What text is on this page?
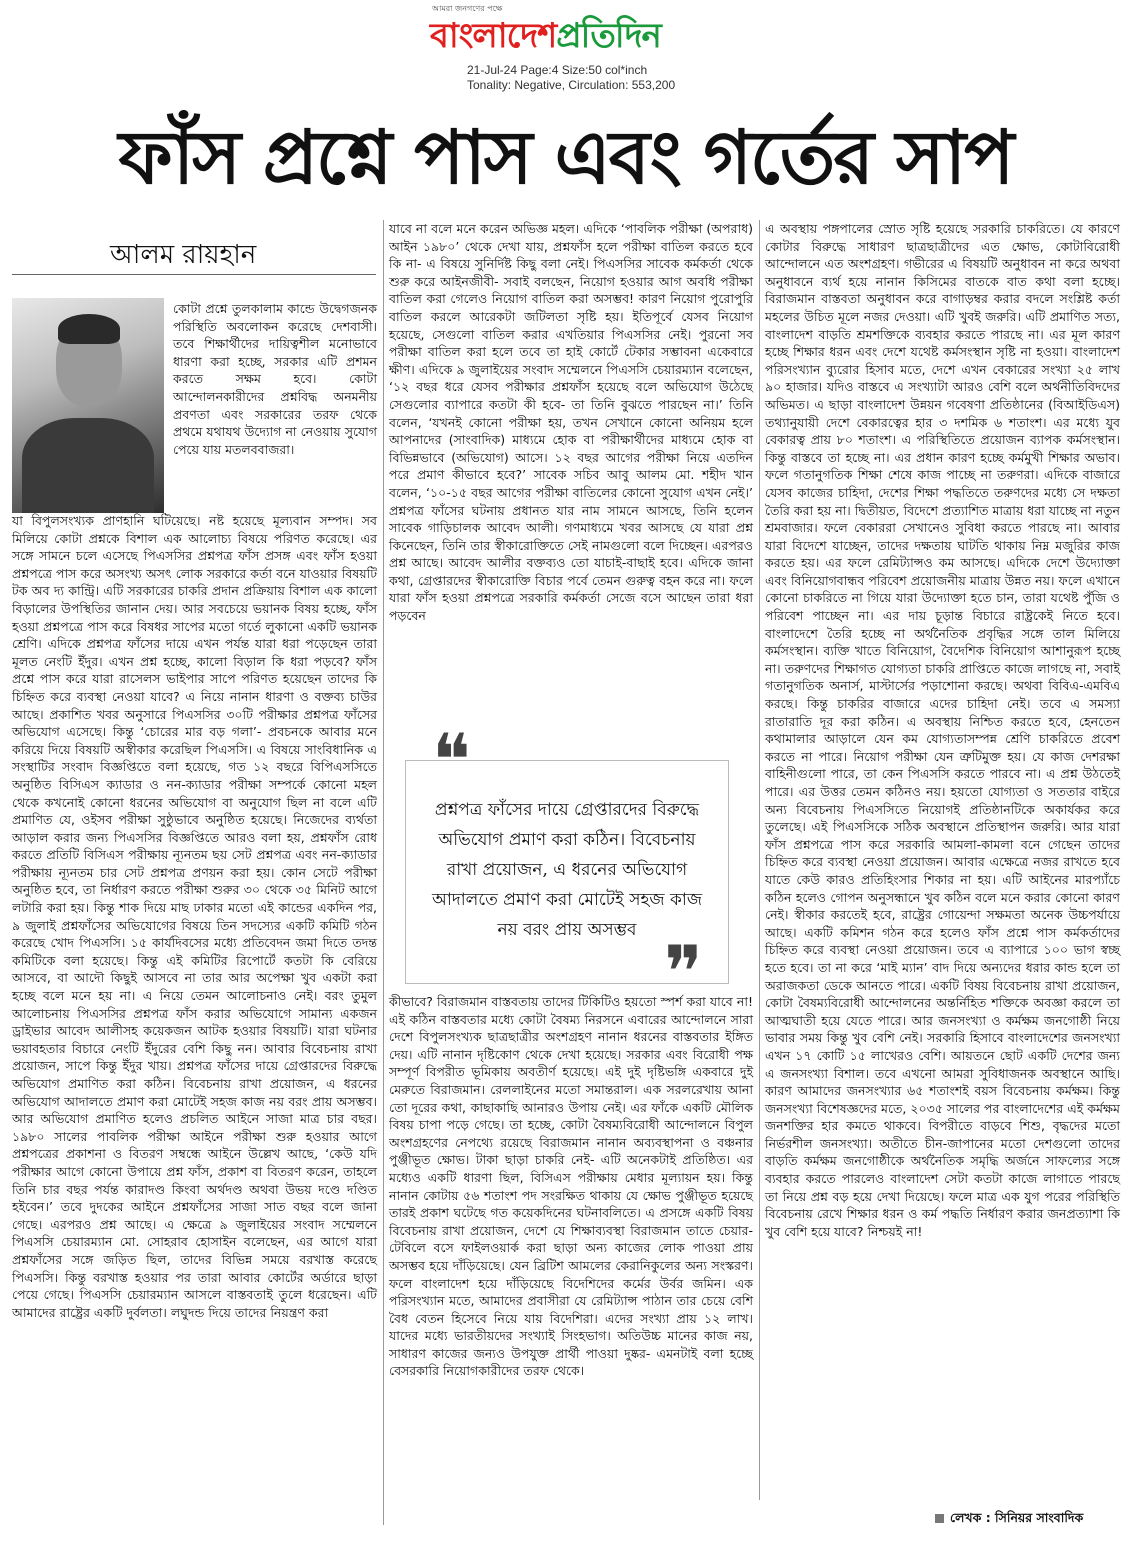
আমরা জনগণের পক্ষে
বাংলাদেশপ্রতিদিন
21-Jul-24 Page:4 Size:50 col*inch
Tonality: Negative, Circulation: 553,200
ফাঁস প্রশ্নে পাস এবং গর্তের সাপ
আলম রায়হান

কোটা প্রশ্নে তুলকালাম কান্ডে উদ্বেগজনক পরিস্থিতি অবলোকন করেছে দেশবাসী। তবে শিক্ষার্থীদের দায়িত্বশীল মনোভাবে ধারণা করা হচ্ছে, সরকার এটি প্রশমন করতে সক্ষম হবে। কোটা আন্দোলনকারীদের প্রশ্নবিদ্ধ অনমনীয় প্রবণতা এবং সরকারের তরফ থেকে প্রথমে যথাযথ উদ্যোগ না নেওয়ায় সুযোগ পেয়ে যায় মতলববাজরা।

যা বিপুলসংখ্যক প্রাণহানি ঘটিয়েছে। নষ্ট হয়েছে মূল্যবান সম্পদ। সব মিলিয়ে কোটা প্রশ্নকে বিশাল এক আলোচ্য বিষয়ে পরিণত করেছে। এর সঙ্গে সামনে চলে এসেছে পিএসসির প্রশ্নপত্র ফাঁস প্রসঙ্গ এবং ফাঁস হওয়া প্রশ্নপত্রে পাস করে অসংখ্য অসৎ লোক সরকারে কর্তা বনে যাওয়ার বিষয়টি টক অব দ্য কান্ট্রি। এটি সরকারের চাকরি প্রদান প্রক্রিয়ায় বিশাল এক কালো বিড়ালের উপস্থিতির জানান দেয়। আর সবচেয়ে ভয়ানক বিষয় হচ্ছে, ফাঁস হওয়া প্রশ্নপত্রে পাস করে বিষধর সাপের মতো গর্তে লুকানো একটি ভয়ানক শ্রেণি। এদিকে প্রশ্নপত্র ফাঁসের দায়ে এখন পর্যন্ত যারা ধরা পড়েছেন তারা মূলত নেংটি ইঁদুর। এখন প্রশ্ন হচ্ছে, কালো বিড়াল কি ধরা পড়বে? ফাঁস প্রশ্নে পাস করে যারা রাসেলস ভাইপার সাপে পরিণত হয়েছেন তাদের কি চিহ্নিত করে ব্যবস্থা নেওয়া যাবে? এ নিয়ে নানান ধারণা ও বক্তব্য চাউর আছে। প্রকাশিত খবর অনুসারে পিএসসির ৩০টি পরীক্ষার প্রশ্নপত্র ফাঁসের অভিযোগ এসেছে। কিন্তু ‘চোরের মার বড় গলা’- প্রবচনকে আবার মনে করিয়ে দিয়ে বিষয়টি অস্বীকার করেছিল পিএসসি। এ বিষয়ে সাংবিধানিক এ সংস্থাটির সংবাদ বিজ্ঞপ্তিতে বলা হয়েছে, গত ১২ বছরে বিপিএসসিতে অনুষ্ঠিত বিসিএস ক্যাডার ও নন-ক্যাডার পরীক্ষা সম্পর্কে কোনো মহল থেকে কখনোই কোনো ধরনের অভিযোগ বা অনুযোগ ছিল না বলে এটি প্রমাণিত যে, ওইসব পরীক্ষা সুষ্ঠুভাবে অনুষ্ঠিত হয়েছে। নিজেদের ব্যর্থতা আড়াল করার জন্য পিএসসির বিজ্ঞপ্তিতে আরও বলা হয়, প্রশ্নফাঁস রোধ করতে প্রতিটি বিসিএস পরীক্ষায় ন্যূনতম ছয় সেট প্রশ্নপত্র এবং নন-ক্যাডার পরীক্ষায় ন্যূনতম চার সেট প্রশ্নপত্র প্রণয়ন করা হয়। কোন সেটে পরীক্ষা অনুষ্ঠিত হবে, তা নির্ধারণ করতে পরীক্ষা শুরুর ৩০ থেকে ৩৫ মিনিট আগে লটারি করা হয়। কিন্তু শাক দিয়ে মাছ ঢাকার মতো এই কান্ডের একদিন পর, ৯ জুলাই প্রশ্নফাঁসের অভিযোগের বিষয়ে তিন সদস্যের একটি কমিটি গঠন করেছে খোদ পিএসসি। ১৫ কার্যদিবসের মধ্যে প্রতিবেদন জমা দিতে তদন্ত কমিটিকে বলা হয়েছে। কিন্তু এই কমিটির রিপোর্টে কতটা কি বেরিয়ে আসবে, বা আদৌ কিছুই আসবে না তার আর অপেক্ষা খুব একটা করা হচ্ছে বলে মনে হয় না। এ নিয়ে তেমন আলোচনাও নেই। বরং তুমুল আলোচনায় পিএসসির প্রশ্নপত্র ফাঁস করার অভিযোগে সামান্য একজন ড্রাইভার আবেদ আলীসহ কয়েকজন আটক হওয়ার বিষয়টি। যারা ঘটনার ভয়াবহতার বিচারে নেংটি ইঁদুরের বেশি কিছু নন। আবার বিবেচনায় রাখা প্রয়োজন, সাপে কিন্তু ইঁদুর খায়। প্রশ্নপত্র ফাঁসের দায়ে গ্রেপ্তারদের বিরুদ্ধে অভিযোগ প্রমাণিত করা কঠিন। বিবেচনায় রাখা প্রয়োজন, এ ধরনের অভিযোগ আদালতে প্রমাণ করা মোটেই সহজ কাজ নয় বরং প্রায় অসম্ভব। আর অভিযোগ প্রমাণিত হলেও প্রচলিত আইনে সাজা মাত্র চার বছর। ১৯৮০ সালের পাবলিক পরীক্ষা আইনে পরীক্ষা শুরু হওয়ার আগে প্রশ্নপত্রের প্রকাশনা ও বিতরণ সম্বন্ধে আইনে উল্লেখ আছে, ‘কেউ যদি পরীক্ষার আগে কোনো উপায়ে প্রশ্ন ফাঁস, প্রকাশ বা বিতরণ করেন, তাহলে তিনি চার বছর পর্যন্ত কারাদণ্ড কিংবা অর্থদণ্ড অথবা উভয় দণ্ডে দণ্ডিত হইবেন।’ তবে দুদকের আইনে প্রশ্নফাঁসের সাজা সাত বছর বলে জানা গেছে। এরপরও প্রশ্ন আছে। এ ক্ষেত্রে ৯ জুলাইয়ের সংবাদ সম্মেলনে পিএসসি চেয়ারম্যান মো. সোহরাব হোসাইন বলেছেন, এর আগে যারা প্রশ্নফাঁসের সঙ্গে জড়িত ছিল, তাদের বিভিন্ন সময়ে বরখাস্ত করেছে পিএসসি। কিন্তু বরখাস্ত হওয়ার পর তারা আবার কোর্টের অর্ডারে ছাড়া পেয়ে গেছে। পিএসসি চেয়ারম্যান আসলে বাস্তবতাই তুলে ধরেছেন। এটি আমাদের রাষ্ট্রের একটি দুর্বলতা। লঘুদন্ড দিয়ে তাদের নিয়ন্ত্রণ করা

যাবে না বলে মনে করেন অভিজ্ঞ মহল। এদিকে ‘পাবলিক পরীক্ষা (অপরাধ) আইন ১৯৮০’ থেকে দেখা যায়, প্রশ্নফাঁস হলে পরীক্ষা বাতিল করতে হবে কি না- এ বিষয়ে সুনির্দিষ্ট কিছু বলা নেই। পিএসসির সাবেক কর্মকর্তা থেকে শুরু করে আইনজীবী- সবাই বলছেন, নিয়োগ হওয়ার আগ অবধি পরীক্ষা বাতিল করা গেলেও নিয়োগ বাতিল করা অসম্ভব! কারণ নিয়োগ পুরোপুরি বাতিল করলে আরেকটা জটিলতা সৃষ্টি হয়। ইতিপূর্বে যেসব নিয়োগ হয়েছে, সেগুলো বাতিল করার এখতিয়ার পিএসসির নেই। পুরনো সব পরীক্ষা বাতিল করা হলে তবে তা হাই কোর্টে টেকার সম্ভাবনা একেবারে ক্ষীণ। এদিকে ৯ জুলাইয়ের সংবাদ সম্মেলনে পিএসসি চেয়ারম্যান বলেছেন, ‘১২ বছর ধরে যেসব পরীক্ষার প্রশ্নফাঁস হয়েছে বলে অভিযোগ উঠেছে সেগুলোর ব্যাপারে কতটা কী হবে- তা তিনি বুঝতে পারছেন না।’ তিনি বলেন, ‘যখনই কোনো পরীক্ষা হয়, তখন সেখানে কোনো অনিয়ম হলে আপনাদের (সাংবাদিক) মাধ্যমে হোক বা পরীক্ষার্থীদের মাধ্যমে হোক বা বিভিন্নভাবে (অভিযোগ) আসে। ১২ বছর আগের পরীক্ষা নিয়ে এতদিন পরে প্রমাণ কীভাবে হবে?’ সাবেক সচিব আবু আলম মো. শহীদ খান বলেন, ‘১০-১৫ বছর আগের পরীক্ষা বাতিলের কোনো সুযোগ এখন নেই।’ প্রশ্নপত্র ফাঁসের ঘটনায় প্রধানত যার নাম সামনে আসছে, তিনি হলেন সাবেক গাড়িচালক আবেদ আলী। গণমাধ্যমে খবর আসছে যে যারা প্রশ্ন কিনেছেন, তিনি তার স্বীকারোক্তিতে সেই নামগুলো বলে দিচ্ছেন। এরপরও প্রশ্ন আছে। আবেদ আলীর বক্তব্যও তো যাচাই-বাছাই হবে। এদিকে জানা কথা, গ্রেপ্তারদের স্বীকারোক্তি বিচার পর্বে তেমন গুরুত্ব বহন করে না। ফলে যারা ফাঁস হওয়া প্রশ্নপত্রে সরকারি কর্মকর্তা সেজে বসে আছেন তারা ধরা পড়বেন

প্রশ্নপত্র ফাঁসের দায়ে গ্রেপ্তারদের বিরুদ্ধে অভিযোগ প্রমাণ করা কঠিন। বিবেচনায় রাখা প্রয়োজন, এ ধরনের অভিযোগ আদালতে প্রমাণ করা মোটেই সহজ কাজ নয় বরং প্রায় অসম্ভব ❞

কীভাবে? বিরাজমান বাস্তবতায় তাদের টিকিটিও হয়তো স্পর্শ করা যাবে না! এই কঠিন বাস্তবতার মধ্যে কোটা বৈষম্য নিরসনে এবারের আন্দোলনে সারা দেশে বিপুলসংখ্যক ছাত্রছাত্রীর অংশগ্রহণ নানান ধরনের বাস্তবতার ইঙ্গিত দেয়। এটি নানান দৃষ্টিকোণ থেকে দেখা হয়েছে। সরকার এবং বিরোধী পক্ষ সম্পূর্ণ বিপরীত ভূমিকায় অবতীর্ণ হয়েছে। এই দুই দৃষ্টিভঙ্গি একবারে দুই মেরুতে বিরাজমান। রেললাইনের মতো সমান্তরাল। এক সরলরেখায় আনা তো দূরের কথা, কাছাকাছি আনারও উপায় নেই। এর ফাঁকে একটি মৌলিক বিষয় চাপা পড়ে গেছে। তা হচ্ছে, কোটা বৈষম্যবিরোধী আন্দোলনে বিপুল অংশগ্রহণের নেপথ্যে রয়েছে বিরাজমান নানান অব্যবস্থাপনা ও বঞ্চনার পুঞ্জীভূত ক্ষোভ। টাকা ছাড়া চাকরি নেই- এটি অনেকটাই প্রতিষ্ঠিত। এর মধ্যেও একটি ধারণা ছিল, বিসিএস পরীক্ষায় মেধার মূল্যায়ন হয়। কিন্তু নানান কোটায় ৫৬ শতাংশ পদ সংরক্ষিত থাকায় যে ক্ষোভ পুঞ্জীভূত হয়েছে তারই প্রকাশ ঘটেছে গত কয়েকদিনের ঘটনাবলিতে। এ প্রসঙ্গে একটি বিষয় বিবেচনায় রাখা প্রয়োজন, দেশে যে শিক্ষাব্যবস্থা বিরাজমান তাতে চেয়ার-টেবিলে বসে ফাইলওয়ার্ক করা ছাড়া অন্য কাজের লোক পাওয়া প্রায় অসম্ভব হয়ে দাঁড়িয়েছে। যেন ব্রিটিশ আমলের কেরানিকুলের অন্য সংস্করণ। ফলে বাংলাদেশ হয়ে দাঁড়িয়েছে বিদেশিদের কর্মের উর্বর জমিন। এক পরিসংখ্যান মতে, আমাদের প্রবাসীরা যে রেমিট্যান্স পাঠান তার চেয়ে বেশি বৈধ বেতন হিসেবে নিয়ে যায় বিদেশিরা। এদের সংখ্যা প্রায় ১২ লাখ। যাদের মধ্যে ভারতীয়দের সংখ্যাই সিংহভাগ। অতিউচ্চ মানের কাজ নয়, সাধারণ কাজের জন্যও উপযুক্ত প্রার্থী পাওয়া দুষ্কর- এমনটাই বলা হচ্ছে বেসরকারি নিয়োগকারীদের তরফ থেকে।

এ অবস্থায় পঙ্গপালের স্রোত সৃষ্টি হয়েছে সরকারি চাকরিতে। যে কারণে কোটার বিরুদ্ধে সাধারণ ছাত্রছাত্রীদের এত ক্ষোভ, কোটাবিরোধী আন্দোলনে এত অংশগ্রহণ। গভীরের এ বিষয়টি অনুধাবন না করে অথবা অনুধাবনে ব্যর্থ হয়ে নানান কিসিমের বাতকে বাত কথা বলা হচ্ছে। বিরাজমান বাস্তবতা অনুধাবন করে বাগাড়ম্বর করার বদলে সংশ্লিষ্ট কর্তা মহলের উচিত মূলে নজর দেওয়া। এটি খুবই জরুরি। এটি প্রমাণিত সত্য, বাংলাদেশ বাড়তি শ্রমশক্তিকে ব্যবহার করতে পারছে না। এর মূল কারণ হচ্ছে শিক্ষার ধরন এবং দেশে যথেষ্ট কর্মসংস্থান সৃষ্টি না হওয়া। বাংলাদেশ পরিসংখ্যান ব্যুরোর হিসাব মতে, দেশে এখন বেকারের সংখ্যা ২৫ লাখ ৯০ হাজার। যদিও বাস্তবে এ সংখ্যাটা আরও বেশি বলে অর্থনীতিবিদদের অভিমত। এ ছাড়া বাংলাদেশ উন্নয়ন গবেষণা প্রতিষ্ঠানের (বিআইডিএস) তথ্যানুযায়ী দেশে বেকারত্বের হার ৩ দশমিক ৬ শতাংশ। এর মধ্যে যুব বেকারত্ব প্রায় ৮০ শতাংশ। এ পরিস্থিতিতে প্রয়োজন ব্যাপক কর্মসংস্থান। কিন্তু বাস্তবে তা হচ্ছে না। এর প্রধান কারণ হচ্ছে কর্মমুখী শিক্ষার অভাব। ফলে গতানুগতিক শিক্ষা শেষে কাজ পাচ্ছে না তরুণরা। এদিকে বাজারে যেসব কাজের চাহিদা, দেশের শিক্ষা পদ্ধতিতে তরুণদের মধ্যে সে দক্ষতা তৈরি করা হয় না। দ্বিতীয়ত, বিদেশে প্রত্যাশিত মাত্রায় ধরা যাচ্ছে না নতুন শ্রমবাজার। ফলে বেকাররা সেখানেও সুবিধা করতে পারছে না। আবার যারা বিদেশে যাচ্ছেন, তাদের দক্ষতায় ঘাটতি থাকায় নিম্ন মজুরির কাজ করতে হয়। এর ফলে রেমিট্যান্সও কম আসছে। এদিকে দেশে উদ্যোক্তা এবং বিনিয়োগবান্ধব পরিবেশ প্রয়োজনীয় মাত্রায় উন্নত নয়। ফলে এখানে কোনো চাকরিতে না গিয়ে যারা উদ্যোক্তা হতে চান, তারা যথেষ্ট পুঁজি ও পরিবেশ পাচ্ছেন না। এর দায় চূড়ান্ত বিচারে রাষ্ট্রকেই নিতে হবে। বাংলাদেশে তৈরি হচ্ছে না অর্থনৈতিক প্রবৃদ্ধির সঙ্গে তাল মিলিয়ে কর্মসংস্থান। ব্যক্তি খাতে বিনিয়োগ, বৈদেশিক বিনিয়োগ আশানুরূপ হচ্ছে না। তরুণদের শিক্ষাগত যোগ্যতা চাকরি প্রাপ্তিতে কাজে লাগছে না, সবাই গতানুগতিক অনার্স, মাস্টার্সের পড়াশোনা করছে। অথবা বিবিএ-এমবিএ করছে। কিন্তু চাকরির বাজারে এদের চাহিদা নেই। তবে এ সমস্যা রাতারাতি দূর করা কঠিন। এ অবস্থায় নিশ্চিত করতে হবে, হেনতেন কথামালার আড়ালে যেন কম যোগ্যতাসম্পন্ন শ্রেণি চাকরিতে প্রবেশ করতে না পারে। নিয়োগ পরীক্ষা যেন ত্রুটিমুক্ত হয়। যে কাজ দেশরক্ষা বাহিনীগুলো পারে, তা কেন পিএসসি করতে পারবে না। এ প্রশ্ন উঠতেই পারে। এর উত্তর তেমন কঠিনও নয়। হয়তো যোগ্যতা ও সততার বাইরে অন্য বিবেচনায় পিএসসিতে নিয়োগই প্রতিষ্ঠানটিকে অকার্যকর করে তুলেছে। এই পিএসসিকে সঠিক অবস্থানে প্রতিস্থাপন জরুরি। আর যারা ফাঁস প্রশ্নপত্রে পাস করে সরকারি আমলা-কামলা বনে গেছেন তাদের চিহ্নিত করে ব্যবস্থা নেওয়া প্রয়োজন। আবার এক্ষেত্রে নজর রাখতে হবে যাতে কেউ কারও প্রতিহিংসার শিকার না হয়। এটি আইনের মারপ্যাঁচে কঠিন হলেও গোপন অনুসন্ধানে খুব কঠিন বলে মনে করার কোনো কারণ নেই। স্বীকার করতেই হবে, রাষ্ট্রের গোয়েন্দা সক্ষমতা অনেক উচ্চপর্যায়ে আছে। একটি কমিশন গঠন করে হলেও ফাঁস প্রশ্নে পাস কর্মকর্তাদের চিহ্নিত করে ব্যবস্থা নেওয়া প্রয়োজন। তবে এ ব্যাপারে ১০০ ভাগ স্বচ্ছ হতে হবে। তা না করে ‘মাই ম্যান’ বাদ দিয়ে অন্যদের ধরার কান্ড হলে তা অরাজকতা ডেকে আনতে পারে। একটি বিষয় বিবেচনায় রাখা প্রয়োজন, কোটা বৈষম্যবিরোধী আন্দোলনের অন্তর্নিহিত শক্তিকে অবজ্ঞা করলে তা আত্মঘাতী হয়ে যেতে পারে। আর জনসংখ্যা ও কর্মক্ষম জনগোষ্ঠী নিয়ে ভাবার সময় কিন্তু খুব বেশি নেই। সরকারি হিসাবে বাংলাদেশের জনসংখ্যা এখন ১৭ কোটি ১৫ লাখেরও বেশি। আয়তনে ছোট একটি দেশের জন্য এ জনসংখ্যা বিশাল। তবে এখনো আমরা সুবিধাজনক অবস্থানে আছি। কারণ আমাদের জনসংখ্যার ৬৫ শতাংশই বয়স বিবেচনায় কর্মক্ষম। কিন্তু জনসংখ্যা বিশেষজ্ঞদের মতে, ২০৩৫ সালের পর বাংলাদেশের এই কর্মক্ষম জনশক্তির হার কমতে থাকবে। বিপরীতে বাড়বে শিশু, বৃদ্ধদের মতো নির্ভরশীল জনসংখ্যা। অতীতে চীন-জাপানের মতো দেশগুলো তাদের বাড়তি কর্মক্ষম জনগোষ্ঠীকে অর্থনৈতিক সমৃদ্ধি অর্জনে সাফল্যের সঙ্গে ব্যবহার করতে পারলেও বাংলাদেশ সেটা কতটা কাজে লাগাতে পারছে তা নিয়ে প্রশ্ন বড় হয়ে দেখা দিয়েছে। ফলে মাত্র এক যুগ পরের পরিস্থিতি বিবেচনায় রেখে শিক্ষার ধরন ও কর্ম পদ্ধতি নির্ধারণ করার জনপ্রত্যাশা কি খুব বেশি হয়ে যাবে? নিশ্চয়ই না!

লেখক : সিনিয়র সাংবাদিক
